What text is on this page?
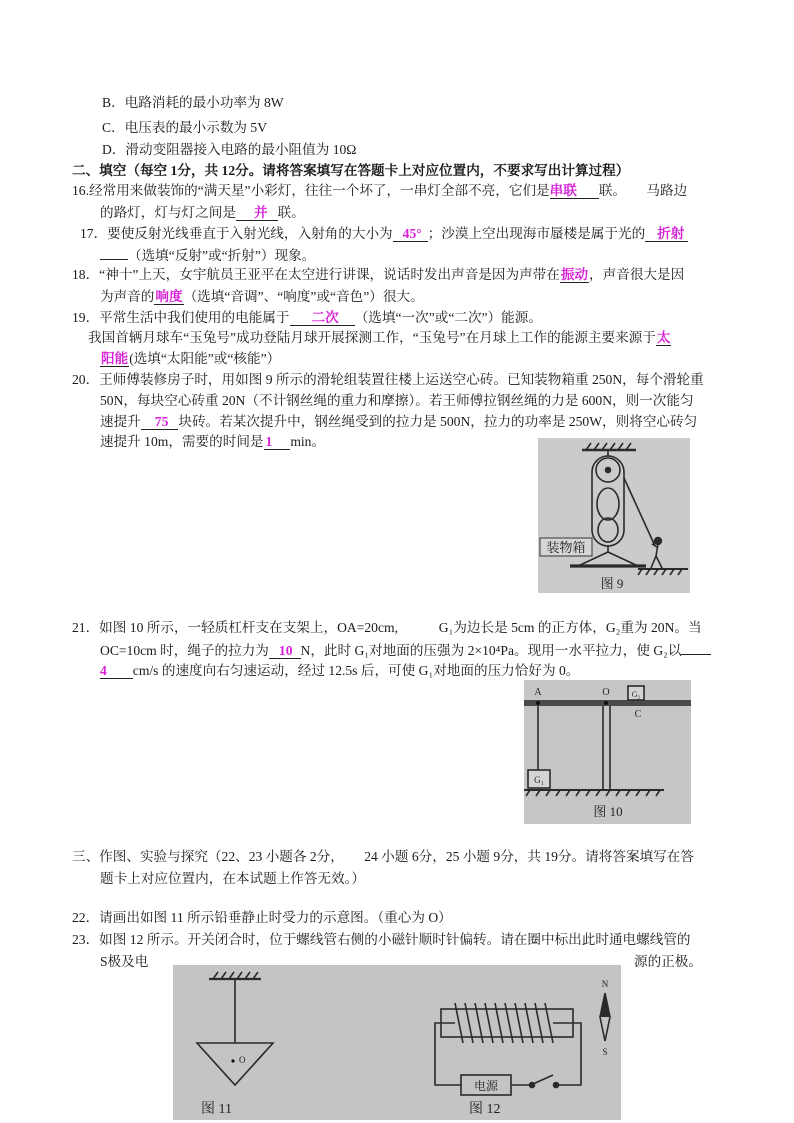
B．电路消耗的最小功率为 8W
C．电压表的最小示数为 5V
D．滑动变阻器接入电路的最小阻值为 10Ω
二、填空（每空 1分，共 12分。请将答案填写在答题卡上对应位置内，不要求写出计算过程）
16.经常用来做装饰的“满天星”小彩灯，往往一个坏了，一串灯全部不亮，它们是串联 联。　　马路边
的路灯，灯与灯之间是 并 联。
17．要使反射光线垂直于入射光线，入射角的大小为 45° ；沙漠上空出现海市蜃楼是属于光的 折射
（选填“反射”或“折射”）现象。
18．“神十”上天，女宇航员王亚平在太空进行讲课，说话时发出声音是因为声带在振动，声音很大是因
为声音的响度（选填“音调”、“响度”或“音色”）很大。
19．平常生活中我们使用的电能属于 二次 （选填“一次”或“二次”）能源。
我国首辆月球车“玉兔号”成功登陆月球开展探测工作，“玉兔号”在月球上工作的能源主要来源于太
阳能(选填“太阳能”或“核能”）
20．王师傅装修房子时，用如图 9 所示的滑轮组装置往楼上运送空心砖。已知装物箱重 250N，每个滑轮重
50N，每块空心砖重 20N（不计钢丝绳的重力和摩擦）。若王师傅拉钢丝绳的力是 600N，则一次能匀
速提升 75 块砖。若某次提升中，钢丝绳受到的拉力是 500N，拉力的功率是 250W，则将空心砖匀
速提升 10m，需要的时间是 1 min。
装物箱
图 9
21．如图 10 所示，一轻质杠杆支在支架上，OA=20cm,　　　G₁为边长是 5cm 的正方体，G₂重为 20N。当
OC=10cm 时，绳子的拉力为 10 N，此时 G₁对地面的压强为 2×10⁴Pa。现用一水平拉力，使 G₂以
4 cm/s 的速度向右匀速运动，经过 12.5s 后，可使 G₁对地面的压力恰好为 0。
A	O
C
G₂
G₁
图 10
三、作图、实验与探究（22、23 小题各 2分，　　24 小题 6分，25 小题 9分，共 19分。请将答案填写在答
题卡上对应位置内，在本试题上作答无效。）
22．请画出如图 11 所示铅垂静止时受力的示意图。（重心为 O）
23．如图 12 所示。开关闭合时，位于螺线管右侧的小磁针顺时针偏转。请在圈中标出此时通电螺线管的
S极及电	源的正极。
O
电源
N
S
图 11	图 12
